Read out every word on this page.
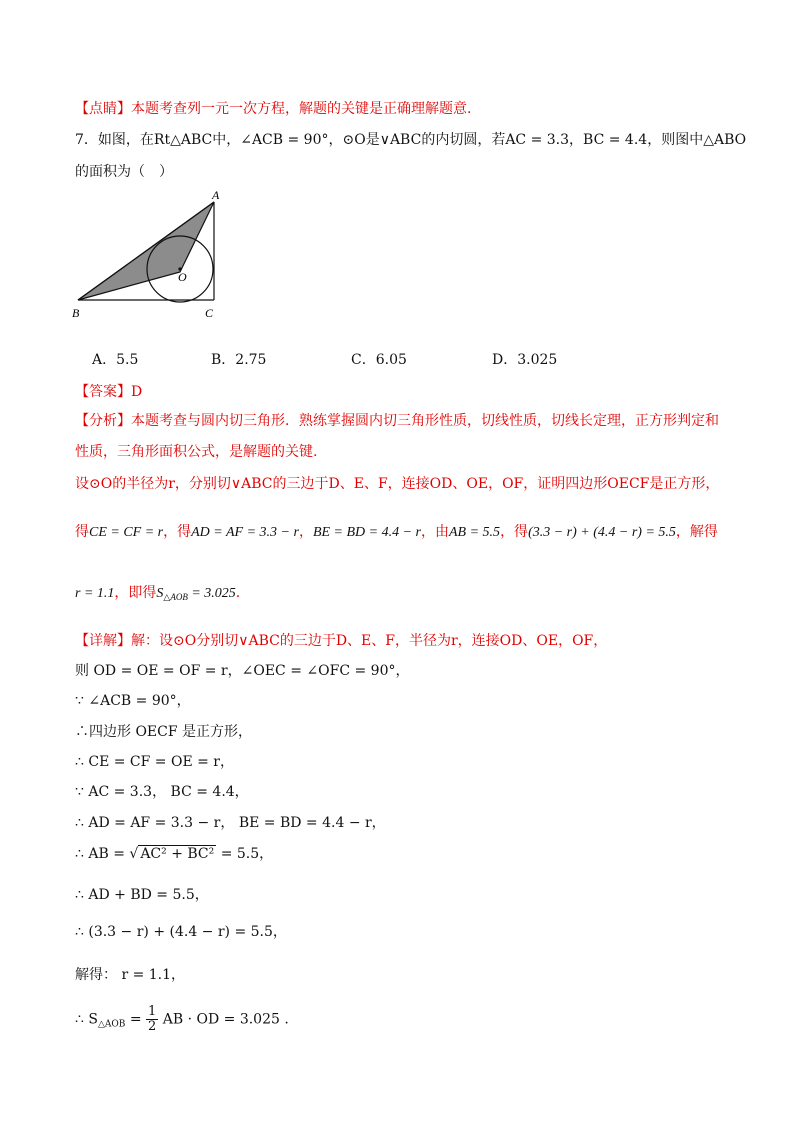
【点睛】本题考查列一元一次方程，解题的关键是正确理解题意.
7．如图，在Rt△ABC中，∠ACB = 90°，⊙O是∨ABC的内切圆，若AC = 3.3，BC = 4.4，则图中△ABO
的面积为（　）
A
O
B	C
A．5.5	B．2.75	C．6.05	D．3.025
【答案】D
【分析】本题考查与圆内切三角形．熟练掌握圆内切三角形性质，切线性质，切线长定理，正方形判定和
性质，三角形面积公式，是解题的关键.
设⊙O的半径为r，分别切∨ABC的三边于D、E、F，连接OD、OE，OF，证明四边形OECF是正方形，
得CE = CF = r，得AD = AF = 3.3 − r，BE = BD = 4.4 − r，由AB = 5.5，得(3.3 − r) + (4.4 − r) = 5.5，解得
r = 1.1，即得$S_{\triangle AOB} = 3.025$.
【详解】解：设⊙O分别切∨ABC的三边于D、E、F，半径为r，连接OD、OE，OF，
则 OD = OE = OF = r，∠OEC = ∠OFC = 90°，
∵ ∠ACB = 90°，
∴四边形 OECF 是正方形，
∴ CE = CF = OE = r，
∵ AC = 3.3， BC = 4.4，
∴ AD = AF = 3.3 − r， BE = BD = 4.4 − r，
∴ AB = √ AC² + BC² = 5.5，
∴ AD + BD = 5.5，
∴ (3.3 − r) + (4.4 − r) = 5.5，
解得： r = 1.1，
∴ $S_{\triangle AOB} = \frac{1}{2}$ AB · OD = 3.025 .
